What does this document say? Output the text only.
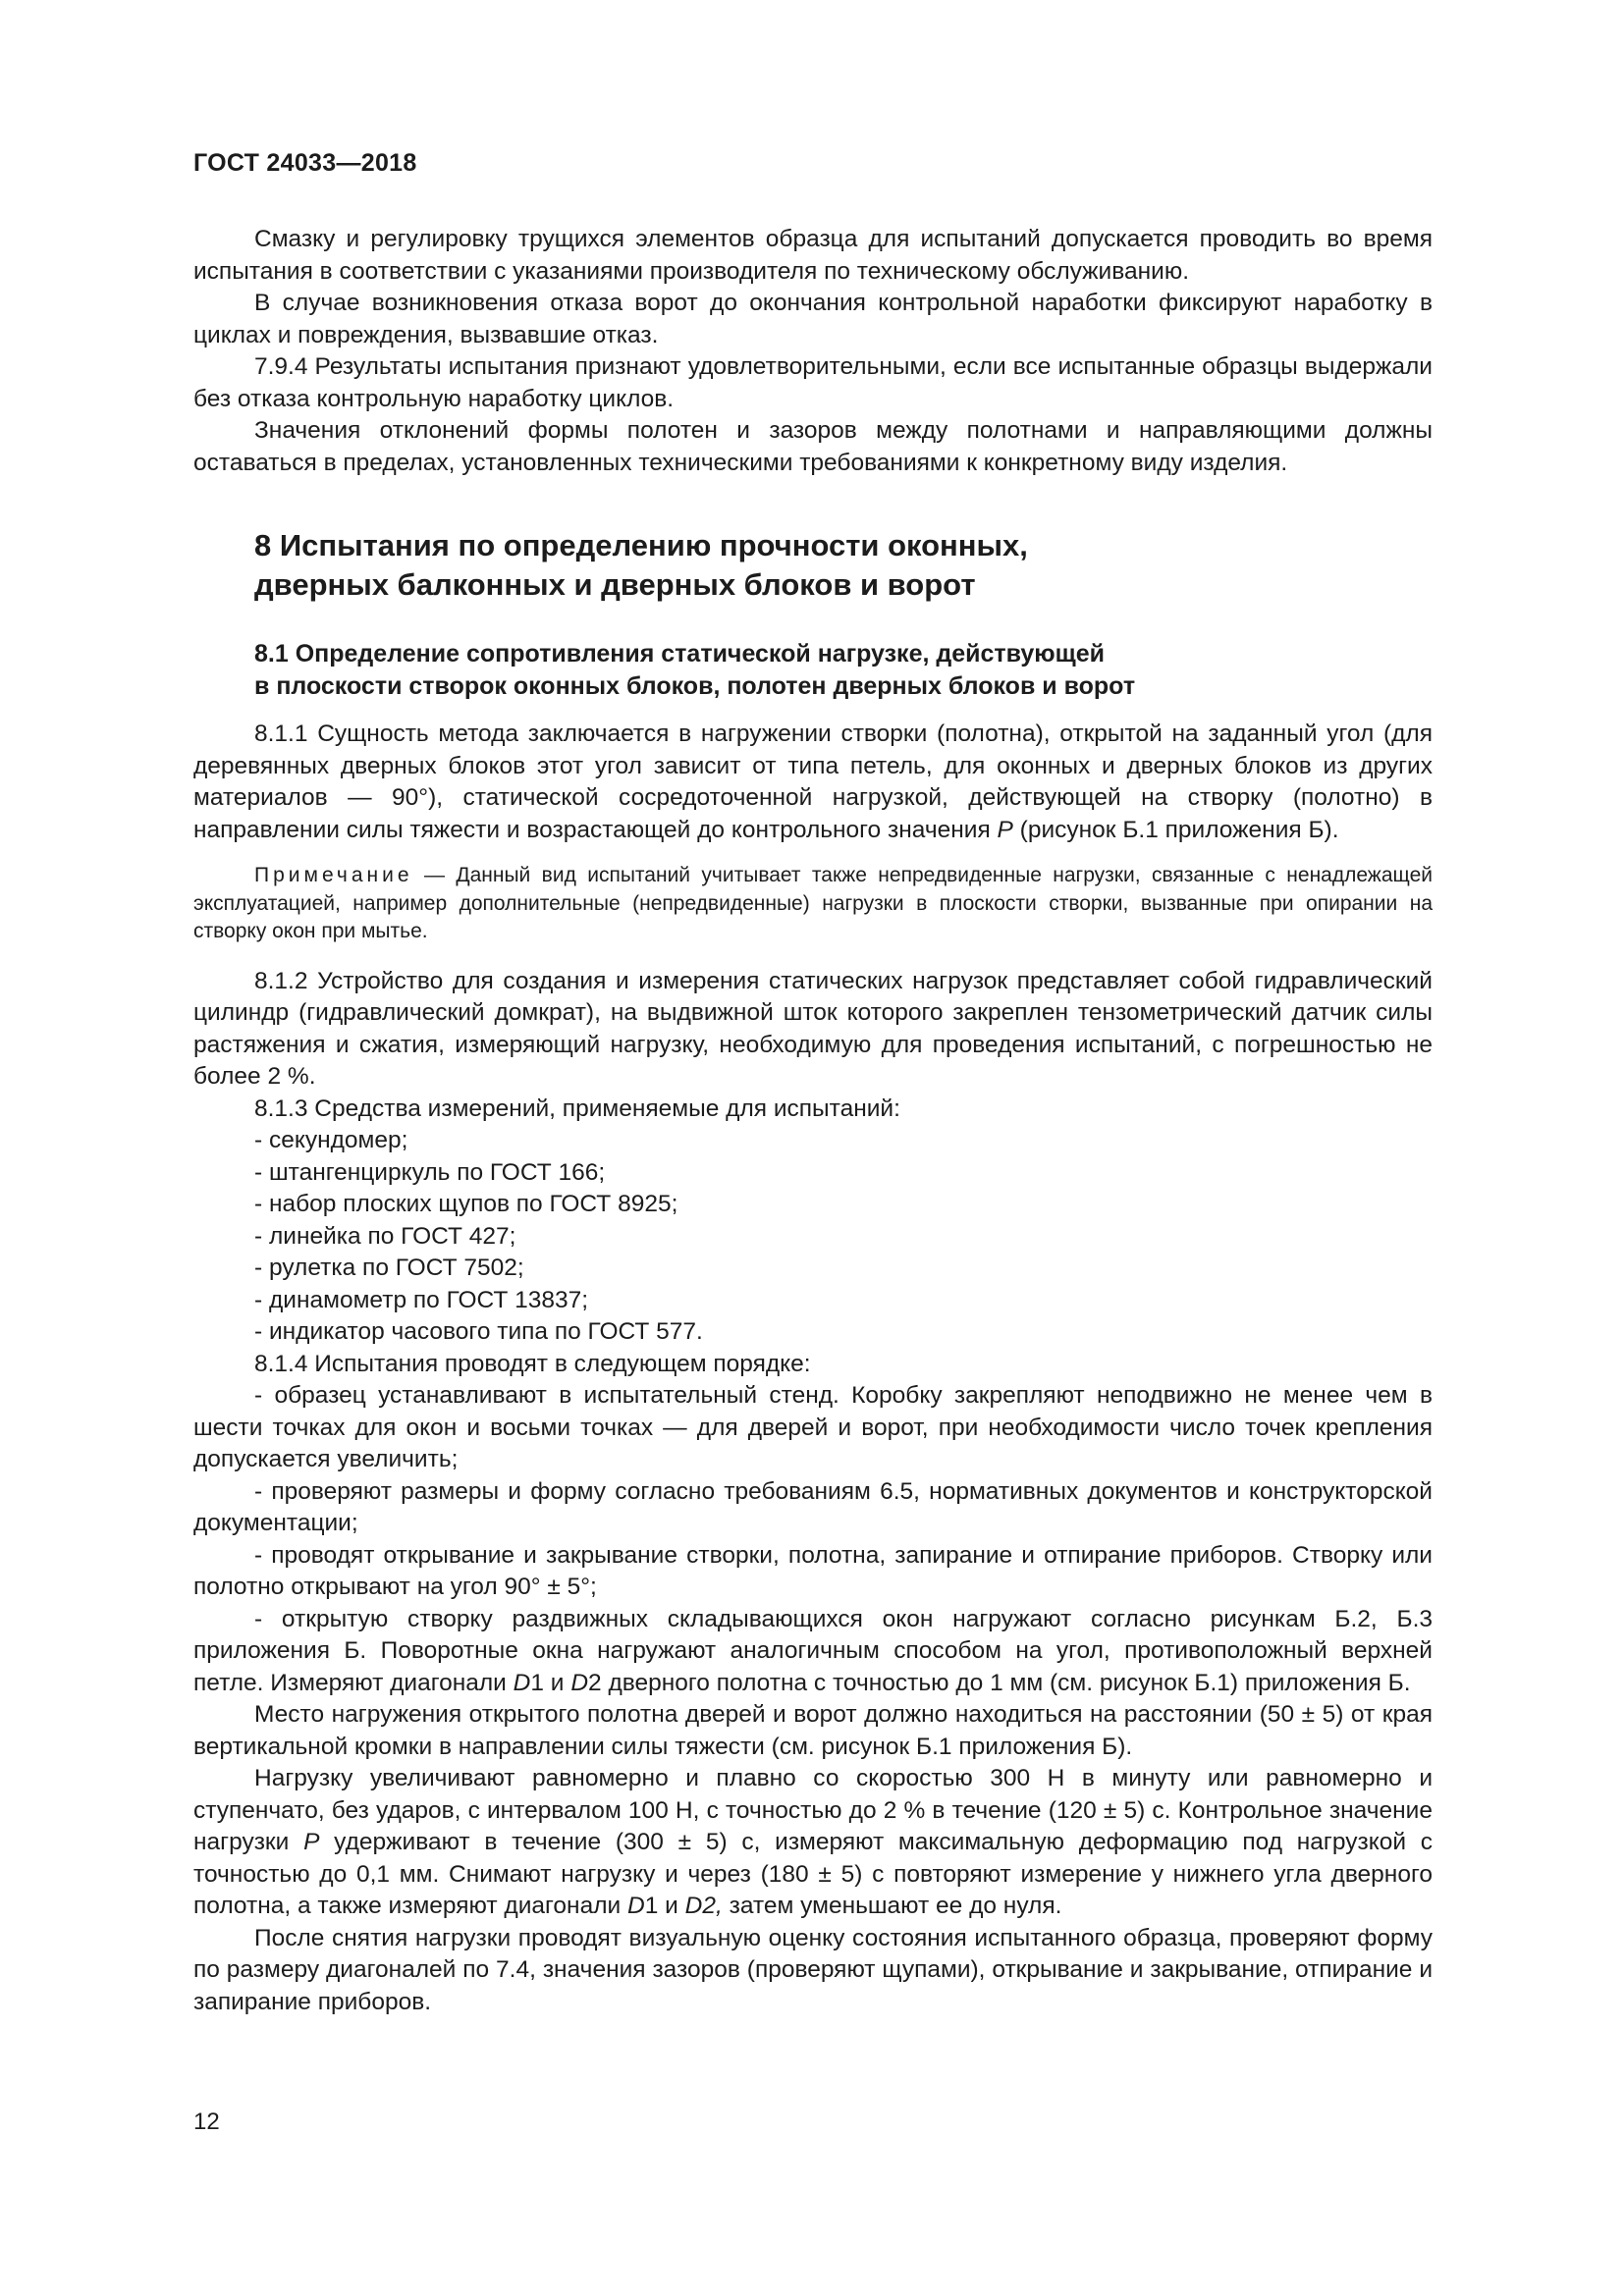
ГОСТ 24033—2018

Смазку и регулировку трущихся элементов образца для испытаний допускается проводить во время испытания в соответствии с указаниями производителя по техническому обслуживанию.

В случае возникновения отказа ворот до окончания контрольной наработки фиксируют наработку в циклах и повреждения, вызвавшие отказ.

7.9.4 Результаты испытания признают удовлетворительными, если все испытанные образцы выдержали без отказа контрольную наработку циклов.

Значения отклонений формы полотен и зазоров между полотнами и направляющими должны оставаться в пределах, установленных техническими требованиями к конкретному виду изделия.

8 Испытания по определению прочности оконных,
дверных балконных и дверных блоков и ворот
8.1 Определение сопротивления статической нагрузке, действующей
в плоскости створок оконных блоков, полотен дверных блоков и ворот

8.1.1 Сущность метода заключается в нагружении створки (полотна), открытой на заданный угол (для деревянных дверных блоков этот угол зависит от типа петель, для оконных и дверных блоков из других материалов — 90°), статической сосредоточенной нагрузкой, действующей на створку (полотно) в направлении силы тяжести и возрастающей до контрольного значения P (рисунок Б.1 приложения Б).

Примечание — Данный вид испытаний учитывает также непредвиденные нагрузки, связанные с ненадлежащей эксплуатацией, например дополнительные (непредвиденные) нагрузки в плоскости створки, вызванные при опирании на створку окон при мытье.

8.1.2 Устройство для создания и измерения статических нагрузок представляет собой гидравлический цилиндр (гидравлический домкрат), на выдвижной шток которого закреплен тензометрический датчик силы растяжения и сжатия, измеряющий нагрузку, необходимую для проведения испытаний, с погрешностью не более 2 %.

8.1.3 Средства измерений, применяемые для испытаний:

- секундомер;

- штангенциркуль по ГОСТ 166;

- набор плоских щупов по ГОСТ 8925;

- линейка по ГОСТ 427;

- рулетка по ГОСТ 7502;

- динамометр по ГОСТ 13837;

- индикатор часового типа по ГОСТ 577.

8.1.4 Испытания проводят в следующем порядке:

- образец устанавливают в испытательный стенд. Коробку закрепляют неподвижно не менее чем в шести точках для окон и восьми точках — для дверей и ворот, при необходимости число точек крепления допускается увеличить;

- проверяют размеры и форму согласно требованиям 6.5, нормативных документов и конструкторской документации;

- проводят открывание и закрывание створки, полотна, запирание и отпирание приборов. Створку или полотно открывают на угол 90° ± 5°;

- открытую створку раздвижных складывающихся окон нагружают согласно рисункам Б.2, Б.3 приложения Б. Поворотные окна нагружают аналогичным способом на угол, противоположный верхней петле. Измеряют диагонали D1 и D2 дверного полотна с точностью до 1 мм (см. рисунок Б.1) приложения Б.

Место нагружения открытого полотна дверей и ворот должно находиться на расстоянии (50 ± 5) от края вертикальной кромки в направлении силы тяжести (см. рисунок Б.1 приложения Б).

Нагрузку увеличивают равномерно и плавно со скоростью 300 Н в минуту или равномерно и ступенчато, без ударов, с интервалом 100 Н, с точностью до 2 % в течение (120 ± 5) с. Контрольное значение нагрузки Р удерживают в течение (300 ± 5) с, измеряют максимальную деформацию под нагрузкой с точностью до 0,1 мм. Снимают нагрузку и через (180 ± 5) с повторяют измерение у нижнего угла дверного полотна, а также измеряют диагонали D1 и D2, затем уменьшают ее до нуля.

После снятия нагрузки проводят визуальную оценку состояния испытанного образца, проверяют форму по размеру диагоналей по 7.4, значения зазоров (проверяют щупами), открывание и закрывание, отпирание и запирание приборов.

12
